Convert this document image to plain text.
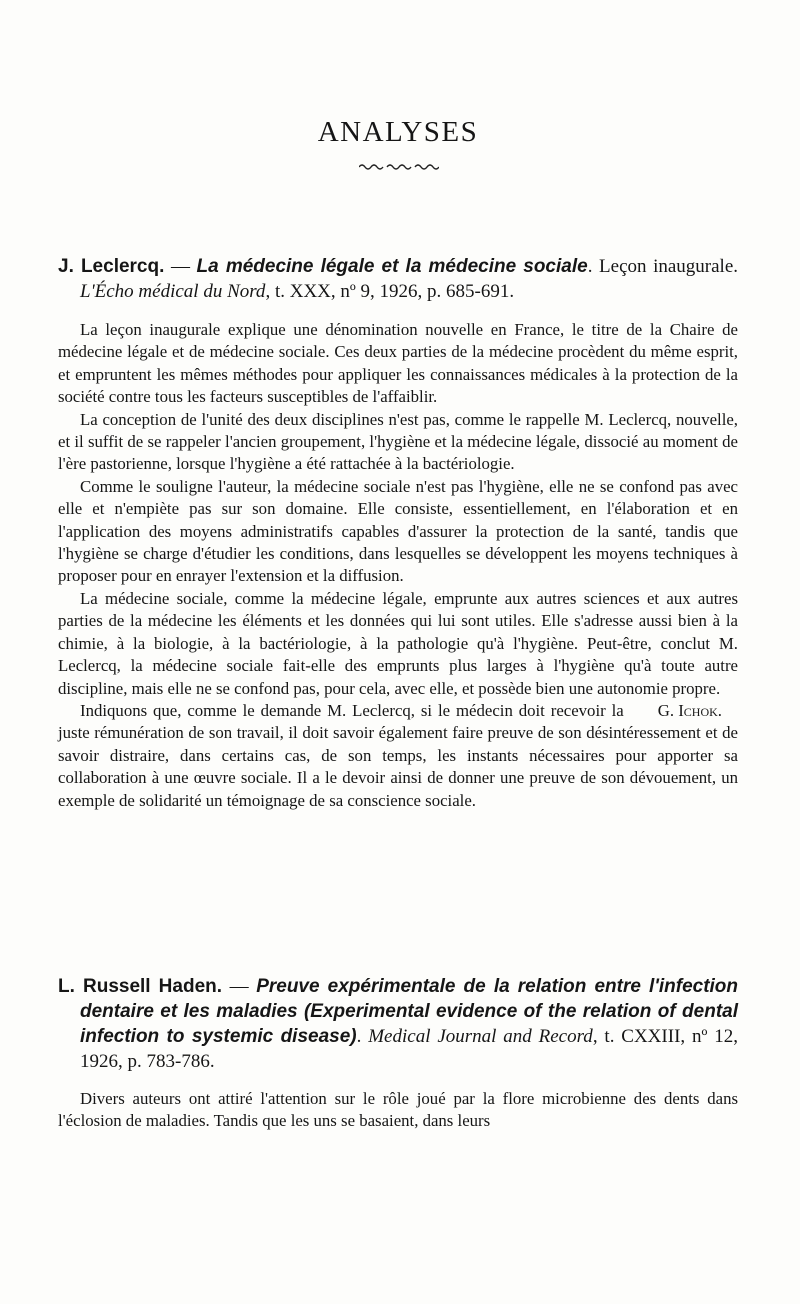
ANALYSES

J. Leclercq. — La médecine légale et la médecine sociale. Leçon inaugurale. L'Écho médical du Nord, t. XXX, nº 9, 1926, p. 685-691.

La leçon inaugurale explique une dénomination nouvelle en France, le titre de la Chaire de médecine légale et de médecine sociale. Ces deux parties de la médecine procèdent du même esprit, et empruntent les mêmes méthodes pour appliquer les connaissances médicales à la protection de la société contre tous les facteurs susceptibles de l'affaiblir.

La conception de l'unité des deux disciplines n'est pas, comme le rappelle M. Leclercq, nouvelle, et il suffit de se rappeler l'ancien groupement, l'hygiène et la médecine légale, dissocié au moment de l'ère pastorienne, lorsque l'hygiène a été rattachée à la bactériologie.

Comme le souligne l'auteur, la médecine sociale n'est pas l'hygiène, elle ne se confond pas avec elle et n'empiète pas sur son domaine. Elle consiste, essentiellement, en l'élaboration et en l'application des moyens administratifs capables d'assurer la protection de la santé, tandis que l'hygiène se charge d'étudier les conditions, dans lesquelles se développent les moyens techniques à proposer pour en enrayer l'extension et la diffusion.

La médecine sociale, comme la médecine légale, emprunte aux autres sciences et aux autres parties de la médecine les éléments et les données qui lui sont utiles. Elle s'adresse aussi bien à la chimie, à la biologie, à la bactériologie, à la pathologie qu'à l'hygiène. Peut-être, conclut M. Leclercq, la médecine sociale fait-elle des emprunts plus larges à l'hygiène qu'à toute autre discipline, mais elle ne se confond pas, pour cela, avec elle, et possède bien une autonomie propre.

G. Ichok.
Indiquons que, comme le demande M. Leclercq, si le médecin doit recevoir la juste rémunération de son travail, il doit savoir également faire preuve de son désintéressement et de savoir distraire, dans certains cas, de son temps, les instants nécessaires pour apporter sa collaboration à une œuvre sociale. Il a le devoir ainsi de donner une preuve de son dévouement, un exemple de solidarité un témoignage de sa conscience sociale.

L. Russell Haden. — Preuve expérimentale de la relation entre l'infection dentaire et les maladies (Experimental evidence of the relation of dental infection to systemic disease). Medical Journal and Record, t. CXXIII, nº 12, 1926, p. 783-786.

Divers auteurs ont attiré l'attention sur le rôle joué par la flore microbienne des dents dans l'éclosion de maladies. Tandis que les uns se basaient, dans leurs
